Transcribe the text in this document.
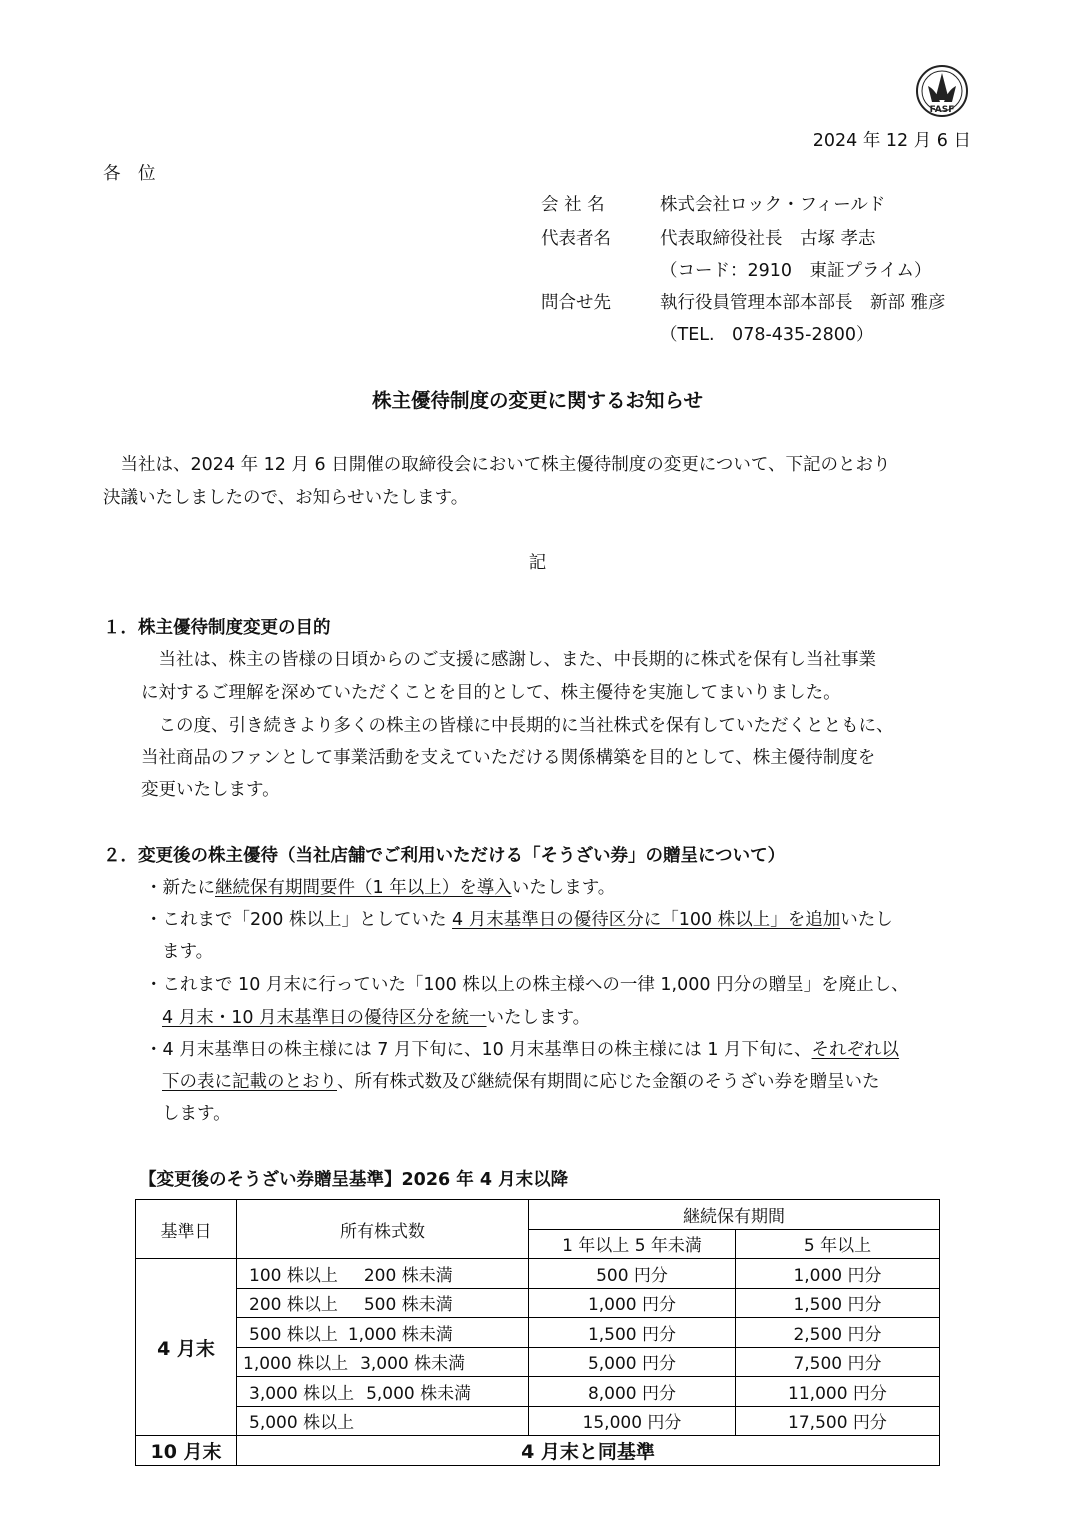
FASF
2024 年 12 月 6 日
各　位
会 社 名	株式会社ロック・フィールド
代表者名	代表取締役社長　古塚 孝志
（コード：2910　東証プライム）
問合せ先	執行役員管理本部本部長　新部 雅彦
（TEL.　078-435-2800）
株主優待制度の変更に関するお知らせ
　当社は、2024 年 12 月 6 日開催の取締役会において株主優待制度の変更について、下記のとおり
決議いたしましたので、お知らせいたします。
記
１．株主優待制度変更の目的
　当社は、株主の皆様の日頃からのご支援に感謝し、また、中長期的に株式を保有し当社事業
に対するご理解を深めていただくことを目的として、株主優待を実施してまいりました。
　この度、引き続きより多くの株主の皆様に中長期的に当社株式を保有していただくとともに、
当社商品のファンとして事業活動を支えていただける関係構築を目的として、株主優待制度を
変更いたします。
２．変更後の株主優待（当社店舗でご利用いただける「そうざい券」の贈呈について）
・新たに継続保有期間要件（1 年以上）を導入いたします。
・これまで「200 株以上」としていた 4 月末基準日の優待区分に「100 株以上」を追加いたし
ます。
・これまで 10 月末に行っていた「100 株以上の株主様への一律 1,000 円分の贈呈」を廃止し、
4 月末・10 月末基準日の優待区分を統一いたします。
・4 月末基準日の株主様には 7 月下旬に、10 月末基準日の株主様には 1 月下旬に、それぞれ以
下の表に記載のとおり、所有株式数及び継続保有期間に応じた金額のそうざい券を贈呈いた
します。
【変更後のそうざい券贈呈基準】2026 年 4 月末以降
基準日	所有株式数	継続保有期間	
		1 年以上 5 年未満	5 年以上
4 月末	100 株以上 200 株未満	500 円分	1,000 円分
	200 株以上 500 株未満	1,000 円分	1,500 円分
	500 株以上 1,000 株未満	1,500 円分	2,500 円分
	1,000 株以上 3,000 株未満	5,000 円分	7,500 円分
	3,000 株以上 5,000 株未満	8,000 円分	11,000 円分
	5,000 株以上	15,000 円分	17,500 円分
10 月末	4 月末と同基準		
